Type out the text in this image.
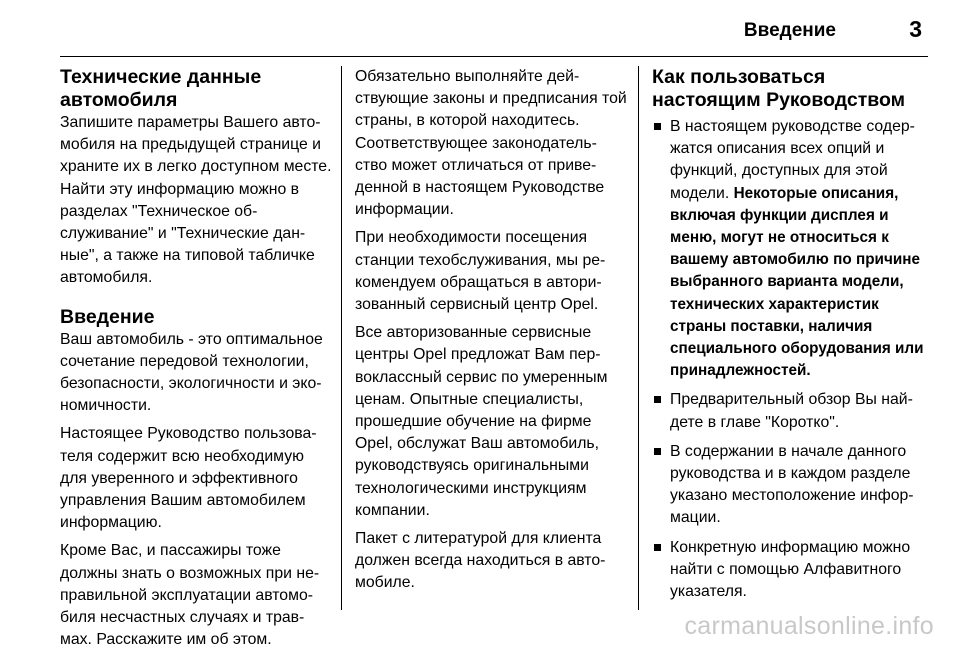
Введение	3
Технические данные автомобиля

Запишите параметры Вашего авто-мобиля на предыдущей странице и храните их в легко доступном месте. Найти эту информацию можно в разделах "Техническое об-служивание" и "Технические дан-ные", а также на типовой табличке автомобиля.

Введение

Ваш автомобиль - это оптимальное сочетание передовой технологии, безопасности, экологичности и эко-номичности.

Настоящее Руководство пользова-теля содержит всю необходимую для уверенного и эффективного управления Вашим автомобилем информацию.

Кроме Вас, и пассажиры тоже должны знать о возможных при не-правильной эксплуатации автомо-биля несчастных случаях и трав-мах. Расскажите им об этом.

Обязательно выполняйте дей-ствующие законы и предписания той страны, в которой находитесь. Соответствующее законодатель-ство может отличаться от приве-денной в настоящем Руководстве информации.

При необходимости посещения станции техобслуживания, мы ре-комендуем обращаться в автори-зованный сервисный центр Opel.

Все авторизованные сервисные центры Opel предложат Вам пер-воклассный сервис по умеренным ценам. Опытные специалисты, прошедшие обучение на фирме Opel, обслужат Ваш автомобиль, руководствуясь оригинальными технологическими инструкциям компании.

Пакет с литературой для клиента должен всегда находиться в авто-мобиле.

Как пользоваться настоящим Руководством
В настоящем руководстве содер-жатся описания всех опций и функций, доступных для этой модели. Некоторые описания, включая функции дисплея и меню, могут не относиться к вашему автомобилю по причине выбранного варианта модели, технических характеристик страны поставки, наличия специального оборудования или принадлежностей.
Предварительный обзор Вы най-дете в главе "Коротко".
В содержании в начале данного руководства и в каждом разделе указано местоположение инфор-мации.
Конкретную информацию можно найти с помощью Алфавитного указателя.
carmanualsonline.info
